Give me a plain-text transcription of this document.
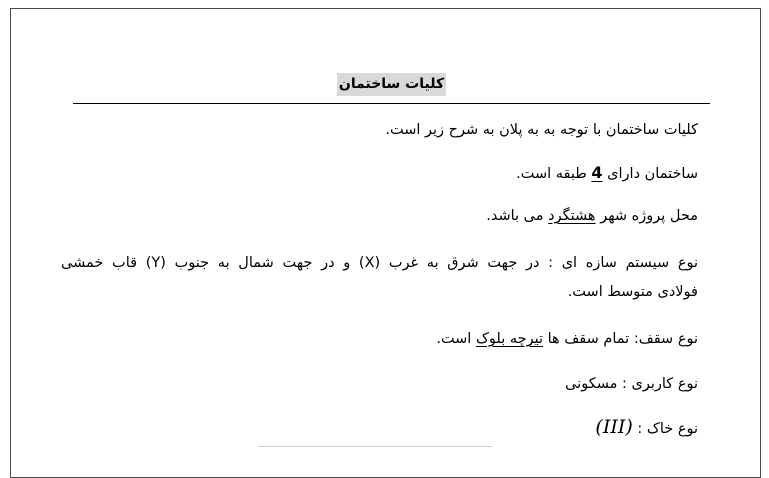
کلیات ساختمان
کلیات ساختمان با توجه به به پلان به شرح زیر است.
ساختمان دارای 4 طبقه است.
محل پروژه شهر هشتگرد می باشد.
نوع سیستم سازه ای : در جهت شرق به غرب (X) و در جهت شمال به جنوب (Y) قاب خمشی
فولادی متوسط است.
نوع سقف: تمام سقف ها تیرچه بلوک است.
نوع کاربری : مسکونی
نوع خاک : (III)
